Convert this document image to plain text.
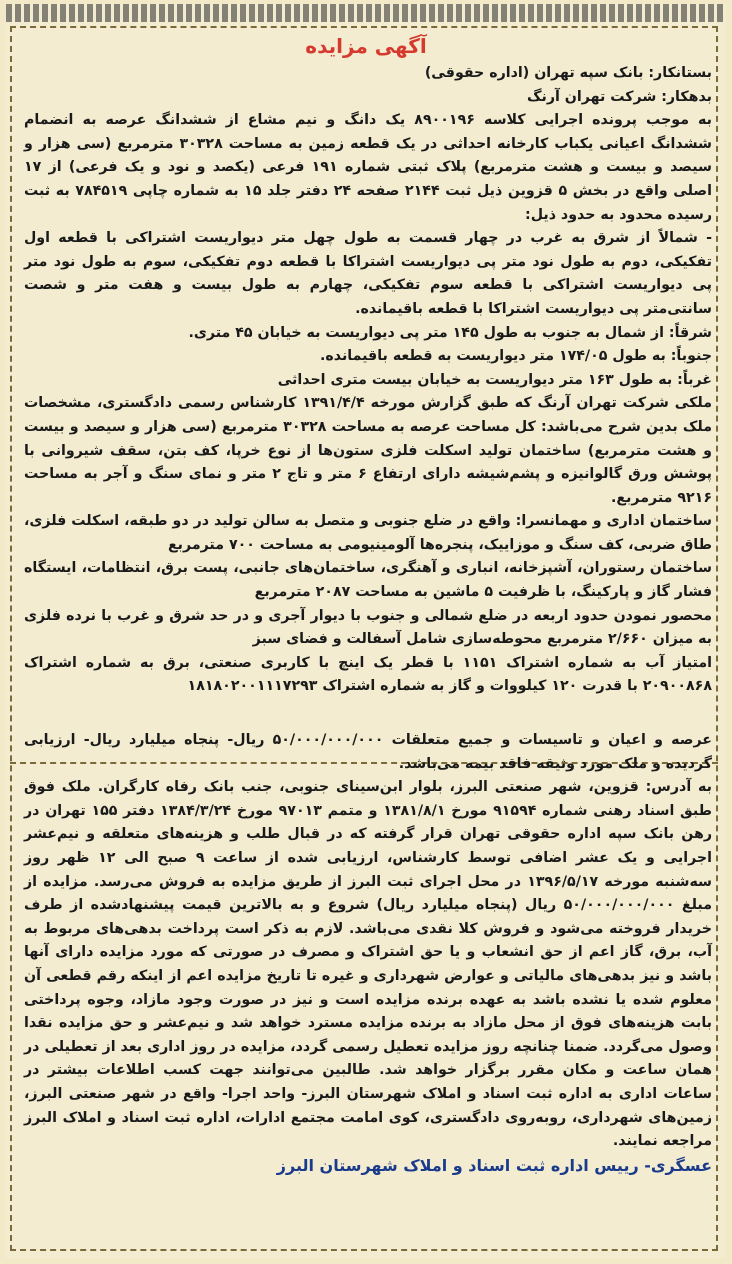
آگهی مزایده

بستانکار: بانک سپه تهران (اداره حقوقی)

بدهکار: شرکت تهران آرنگ

به موجب پرونده اجرایی کلاسه ۸۹۰۰۱۹۶ یک دانگ و نیم مشاع از ششدانگ عرصه به انضمام ششدانگ اعیانی یکباب کارخانه احداثی در یک قطعه زمین به مساحت ۳۰۳۲۸ مترمربع (سی هزار و سیصد و بیست و هشت مترمربع) پلاک ثبتی شماره ۱۹۱ فرعی (یکصد و نود و یک فرعی) از ۱۷ اصلی واقع در بخش ۵ قزوین ذیل ثبت ۲۱۴۴ صفحه ۲۴ دفتر جلد ۱۵ به شماره چاپی ۷۸۴۵۱۹ به ثبت رسیده محدود به حدود ذیل:

- شمالاً از شرق به غرب در چهار قسمت به طول چهل متر دیواریست اشتراکی با قطعه اول تفکیکی، دوم به طول نود متر پی دیواریست اشتراکا با قطعه دوم تفکیکی، سوم به طول نود متر پی دیواریست اشتراکی با قطعه سوم تفکیکی، چهارم به طول بیست و هفت متر و شصت سانتی‌متر پی دیواریست اشتراکا با قطعه باقیمانده.

شرقاً: از شمال به جنوب به طول ۱۴۵ متر پی دیواریست به خیابان ۴۵ متری.

جنوباً: به طول ۱۷۴/۰۵ متر دیواریست به قطعه باقیمانده.

غرباً: به طول ۱۶۳ متر دیواریست به خیابان بیست متری احداثی

ملکی شرکت تهران آرنگ که طبق گزارش مورخه ۱۳۹۱/۴/۴ کارشناس رسمی دادگستری، مشخصات ملک بدین شرح می‌باشد: کل مساحت عرصه به مساحت ۳۰۳۲۸ مترمربع (سی هزار و سیصد و بیست و هشت مترمربع) ساختمان تولید اسکلت فلزی ستون‌ها از نوع خرپا، کف بتن، سقف شیروانی با پوشش ورق گالوانیزه و پشم‌شیشه دارای ارتفاع ۶ متر و تاج ۲ متر و نمای سنگ و آجر به مساحت ۹۲۱۶ مترمربع.

ساختمان اداری و مهمانسرا: واقع در ضلع جنوبی و متصل به سالن تولید در دو طبقه، اسکلت فلزی، طاق ضربی، کف سنگ و موزاییک، پنجره‌ها آلومینیومی به مساحت ۷۰۰ مترمربع

ساختمان رستوران، آشپزخانه، انباری و آهنگری، ساختمان‌های جانبی، پست برق، انتظامات، ایستگاه فشار گاز و پارکینگ، با ظرفیت ۵ ماشین به مساحت ۲۰۸۷ مترمربع

محصور نمودن حدود اربعه در ضلع شمالی و جنوب با دیوار آجری و در حد شرق و غرب با نرده فلزی به میزان ۲/۶۶۰ مترمربع محوطه‌سازی شامل آسفالت و فضای سبز

امتیاز آب به شماره اشتراک ۱۱۵۱ با قطر یک اینچ با کاربری صنعتی، برق به شماره اشتراک ۲۰۹۰۰۸۶۸ با قدرت ۱۲۰ کیلووات و گاز به شماره اشتراک ۱۸۱۸۰۲۰۰۱۱۱۷۲۹۳

عرصه و اعیان و تاسیسات و جمیع متعلقات ۵۰/۰۰۰/۰۰۰/۰۰۰ ریال- پنجاه میلیارد ریال- ارزیابی گردیده و ملک مورد وثیقه فاقد بیمه می‌باشد.

به آدرس: قزوین، شهر صنعتی البرز، بلوار ابن‌سینای جنوبی، جنب بانک رفاه کارگران. ملک فوق طبق اسناد رهنی شماره ۹۱۵۹۴ مورخ ۱۳۸۱/۸/۱ و متمم ۹۷۰۱۳ مورخ ۱۳۸۴/۳/۲۴ دفتر ۱۵۵ تهران در رهن بانک سپه اداره حقوقی تهران قرار گرفته که در قبال طلب و هزینه‌های متعلقه و نیم‌عشر اجرایی و یک عشر اضافی توسط کارشناس، ارزیابی شده از ساعت ۹ صبح الی ۱۲ ظهر روز سه‌شنبه مورخه ۱۳۹۶/۵/۱۷ در محل اجرای ثبت البرز از طریق مزایده به فروش می‌رسد. مزایده از مبلغ ۵۰/۰۰۰/۰۰۰/۰۰۰ ریال (پنجاه میلیارد ریال) شروع و به بالاترین قیمت پیشنهادشده از طرف خریدار فروخته می‌شود و فروش کلا نقدی می‌باشد. لازم به ذکر است پرداخت بدهی‌های مربوط به آب، برق، گاز اعم از حق انشعاب و یا حق اشتراک و مصرف در صورتی که مورد مزایده دارای آنها باشد و نیز بدهی‌های مالیاتی و عوارض شهرداری و غیره تا تاریخ مزایده اعم از اینکه رقم قطعی آن معلوم شده یا نشده باشد به عهده برنده مزایده است و نیز در صورت وجود مازاد، وجوه پرداختی بابت هزینه‌های فوق از محل مازاد به برنده مزایده مسترد خواهد شد و نیم‌عشر و حق مزایده نقدا وصول می‌گردد. ضمنا چنانچه روز مزایده تعطیل رسمی گردد، مزایده در روز اداری بعد از تعطیلی در همان ساعت و مکان مقرر برگزار خواهد شد. طالبین می‌توانند جهت کسب اطلاعات بیشتر در ساعات اداری به اداره ثبت اسناد و املاک شهرستان البرز- واحد اجرا- واقع در شهر صنعتی البرز، زمین‌های شهرداری، روبه‌روی دادگستری، کوی امامت مجتمع ادارات، اداره ثبت اسناد و املاک البرز مراجعه نمایند.

عسگری- رییس اداره ثبت اسناد و املاک شهرستان البرز
